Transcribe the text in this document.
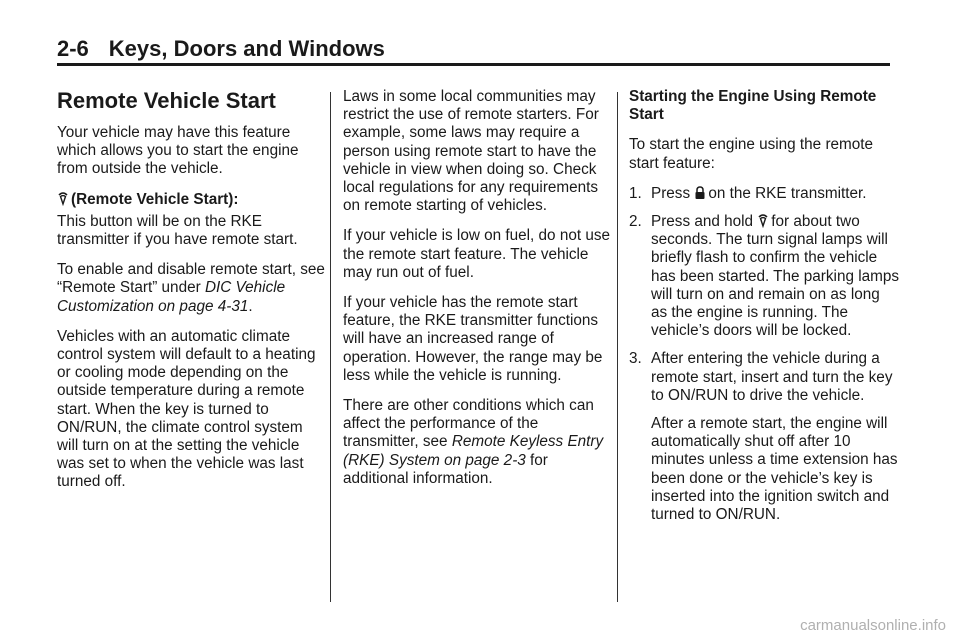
2-6 Keys, Doors and Windows
Remote Vehicle Start

Your vehicle may have this feature which allows you to start the engine from outside the vehicle.

(Remote Vehicle Start):

This button will be on the RKE transmitter if you have remote start.

To enable and disable remote start, see “Remote Start” under DIC Vehicle Customization on page 4-31.

Vehicles with an automatic climate control system will default to a heating or cooling mode depending on the outside temperature during a remote start. When the key is turned to ON/RUN, the climate control system will turn on at the setting the vehicle was set to when the vehicle was last turned off.

Laws in some local communities may restrict the use of remote starters. For example, some laws may require a person using remote start to have the vehicle in view when doing so. Check local regulations for any requirements on remote starting of vehicles.

If your vehicle is low on fuel, do not use the remote start feature. The vehicle may run out of fuel.

If your vehicle has the remote start feature, the RKE transmitter functions will have an increased range of operation. However, the range may be less while the vehicle is running.

There are other conditions which can affect the performance of the transmitter, see Remote Keyless Entry (RKE) System on page 2-3 for additional information.

Starting the Engine Using Remote Start

To start the engine using the remote start feature:

1. Press on the RKE transmitter.
2. Press and hold for about two seconds. The turn signal lamps will briefly flash to confirm the vehicle has been started. The parking lamps will turn on and remain on as long as the engine is running. The vehicle’s doors will be locked.
3. After entering the vehicle during a remote start, insert and turn the key to ON/RUN to drive the vehicle.

After a remote start, the engine will automatically shut off after 10 minutes unless a time extension has been done or the vehicle’s key is inserted into the ignition switch and turned to ON/RUN.

carmanualsonline.info
